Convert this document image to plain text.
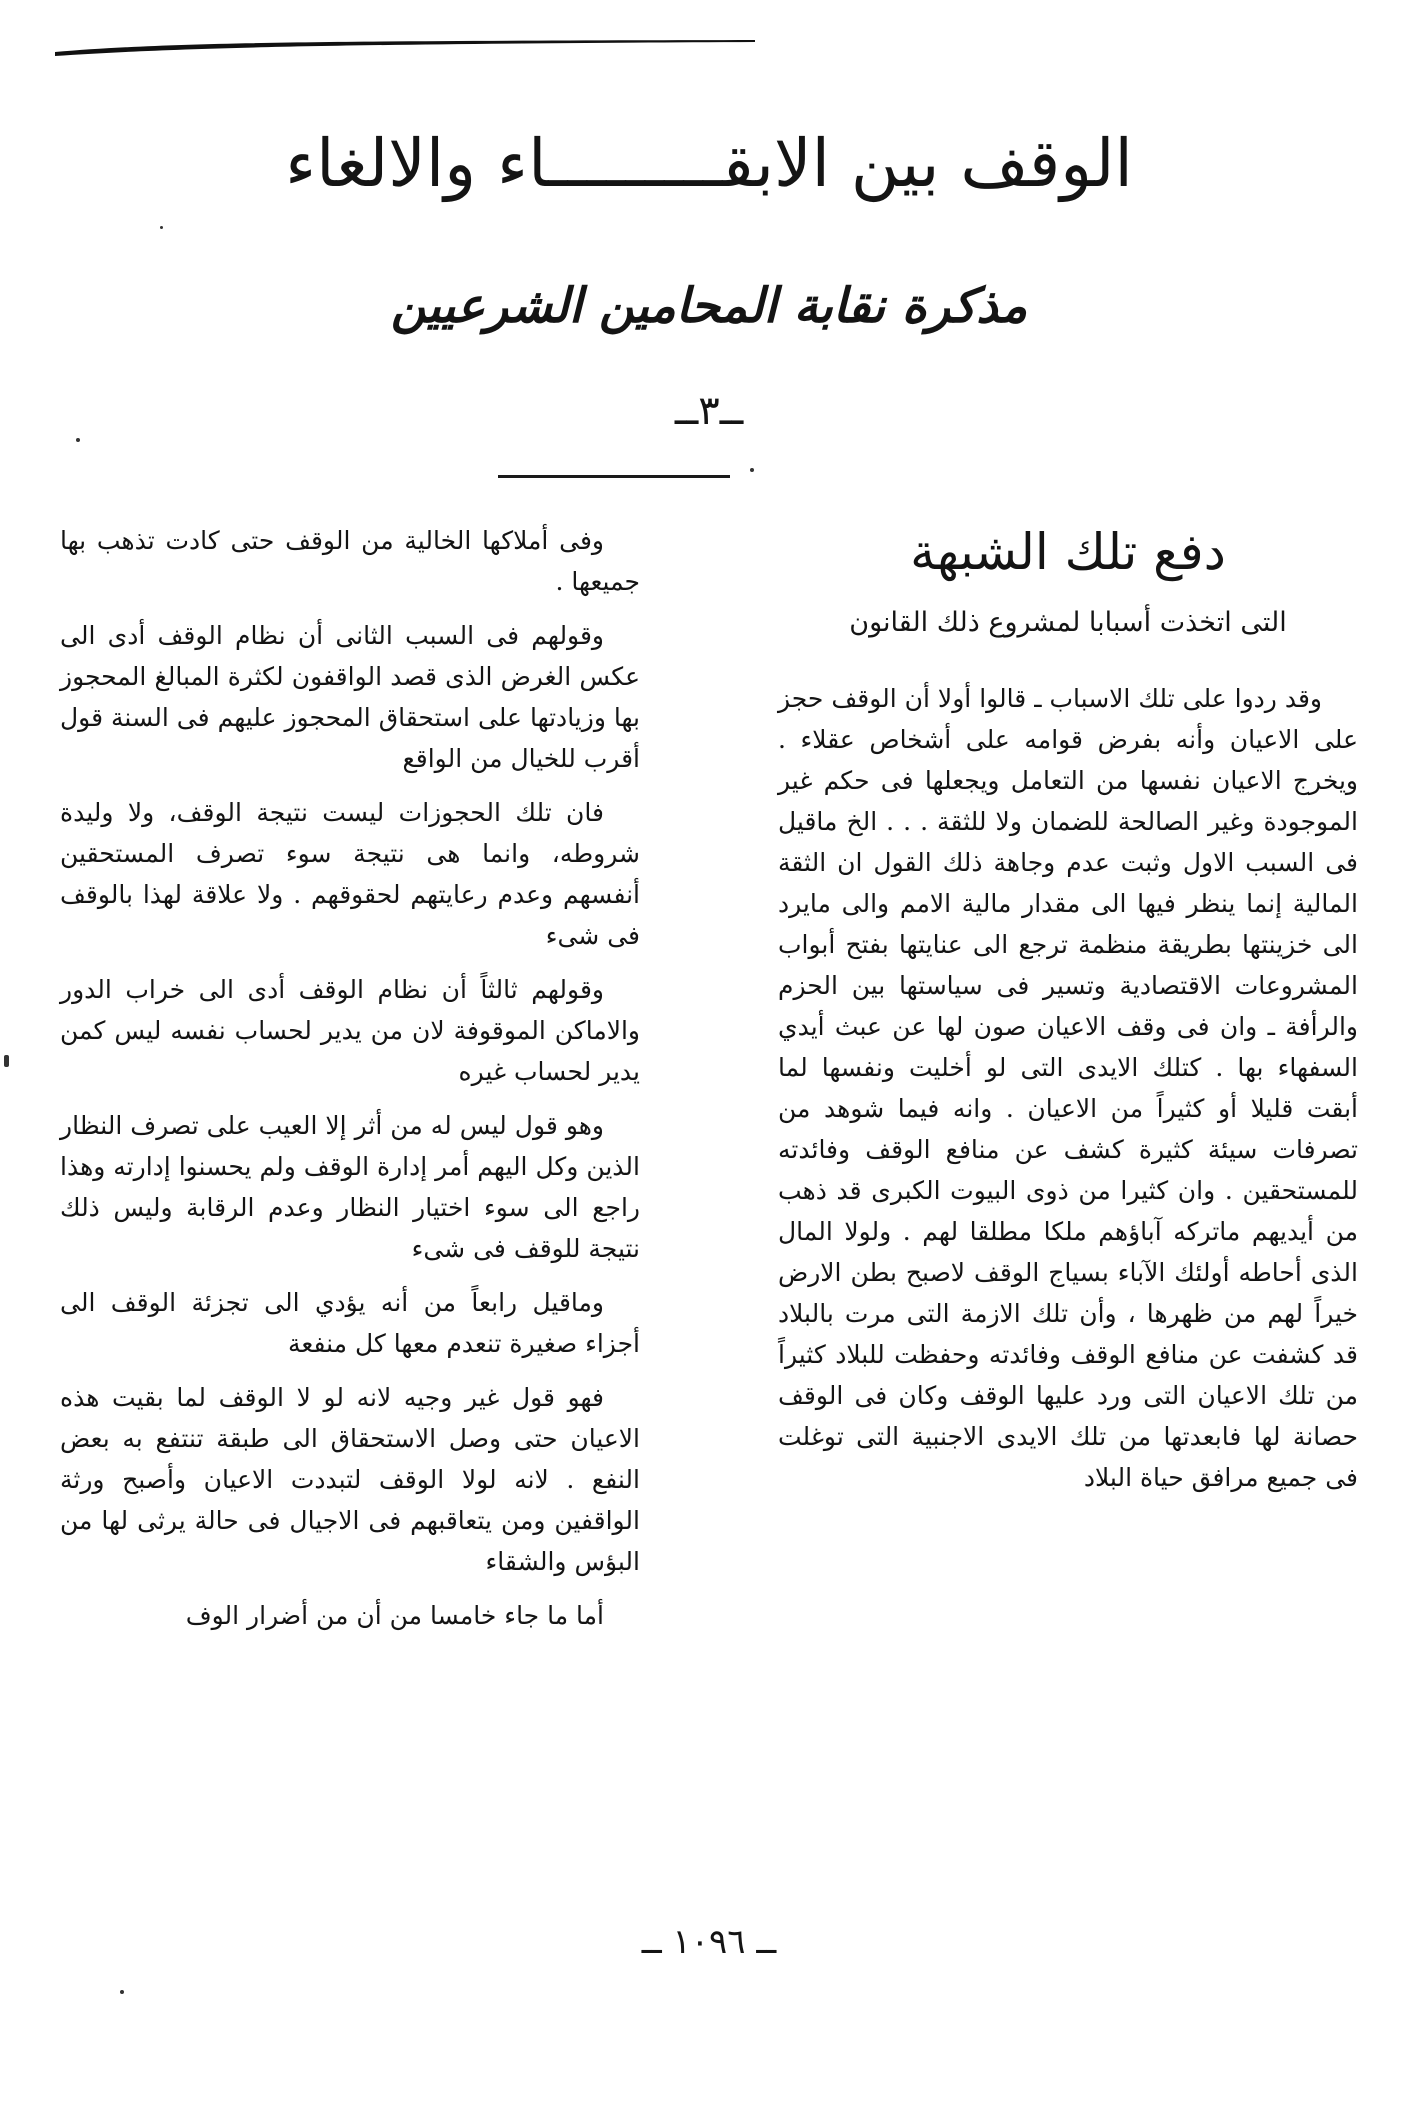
الوقف بين الابقـــــــــاء والالغاء
مذكرة نقابة المحامين الشرعيين
ــ٣ــ
دفع تلك الشبهة
التى اتخذت أسبابا لمشروع ذلك القانون

وقد ردوا على تلك الاسباب ـ قالوا أولا أن الوقف حجز على الاعيان وأنه بفرض قوامه على أشخاص عقلاء . ويخرج الاعيان نفسها من التعامل ويجعلها فى حكم غير الموجودة وغير الصالحة للضمان ولا للثقة . . . الخ ماقيل فى السبب الاول وثبت عدم وجاهة ذلك القول ان الثقة المالية إنما ينظر فيها الى مقدار مالية الامم والى مايرد الى خزينتها بطريقة منظمة ترجع الى عنايتها بفتح أبواب المشروعات الاقتصادية وتسير فى سياستها بين الحزم والرأفة ـ وان فى وقف الاعيان صون لها عن عبث أيدي السفهاء بها . كتلك الايدى التى لو أخليت ونفسها لما أبقت قليلا أو كثيراً من الاعيان . وانه فيما شوهد من تصرفات سيئة كثيرة كشف عن منافع الوقف وفائدته للمستحقين . وان كثيرا من ذوى البيوت الكبرى قد ذهب من أيديهم ماتركه آباؤهم ملكا مطلقا لهم . ولولا المال الذى أحاطه أولئك الآباء بسياج الوقف لاصبح بطن الارض خيراً لهم من ظهرها ، وأن تلك الازمة التى مرت بالبلاد قد كشفت عن منافع الوقف وفائدته وحفظت للبلاد كثيراً من تلك الاعيان التى ورد عليها الوقف وكان فى الوقف حصانة لها فابعدتها من تلك الايدى الاجنبية التى توغلت فى جميع مرافق حياة البلاد

وفى أملاكها الخالية من الوقف حتى كادت تذهب بها جميعها .

وقولهم فى السبب الثانى أن نظام الوقف أدى الى عكس الغرض الذى قصد الواقفون لكثرة المبالغ المحجوز بها وزيادتها على استحقاق المحجوز عليهم فى السنة قول أقرب للخيال من الواقع

فان تلك الحجوزات ليست نتيجة الوقف، ولا وليدة شروطه، وانما هى نتيجة سوء تصرف المستحقين أنفسهم وعدم رعايتهم لحقوقهم . ولا علاقة لهذا بالوقف فى شىء

وقولهم ثالثاً أن نظام الوقف أدى الى خراب الدور والاماكن الموقوفة لان من يدير لحساب نفسه ليس كمن يدير لحساب غيره

وهو قول ليس له من أثر إلا العيب على تصرف النظار الذين وكل اليهم أمر إدارة الوقف ولم يحسنوا إدارته وهذا راجع الى سوء اختيار النظار وعدم الرقابة وليس ذلك نتيجة للوقف فى شىء

وماقيل رابعاً من أنه يؤدي الى تجزئة الوقف الى أجزاء صغيرة تنعدم معها كل منفعة

فهو قول غير وجيه لانه لو لا الوقف لما بقيت هذه الاعيان حتى وصل الاستحقاق الى طبقة تنتفع به بعض النفع . لانه لولا الوقف لتبددت الاعيان وأصبح ورثة الواقفين ومن يتعاقبهم فى الاجيال فى حالة يرثى لها من البؤس والشقاء

أما ما جاء خامسا من أن من أضرار الوف

ــ ١٠٩٦ ــ
